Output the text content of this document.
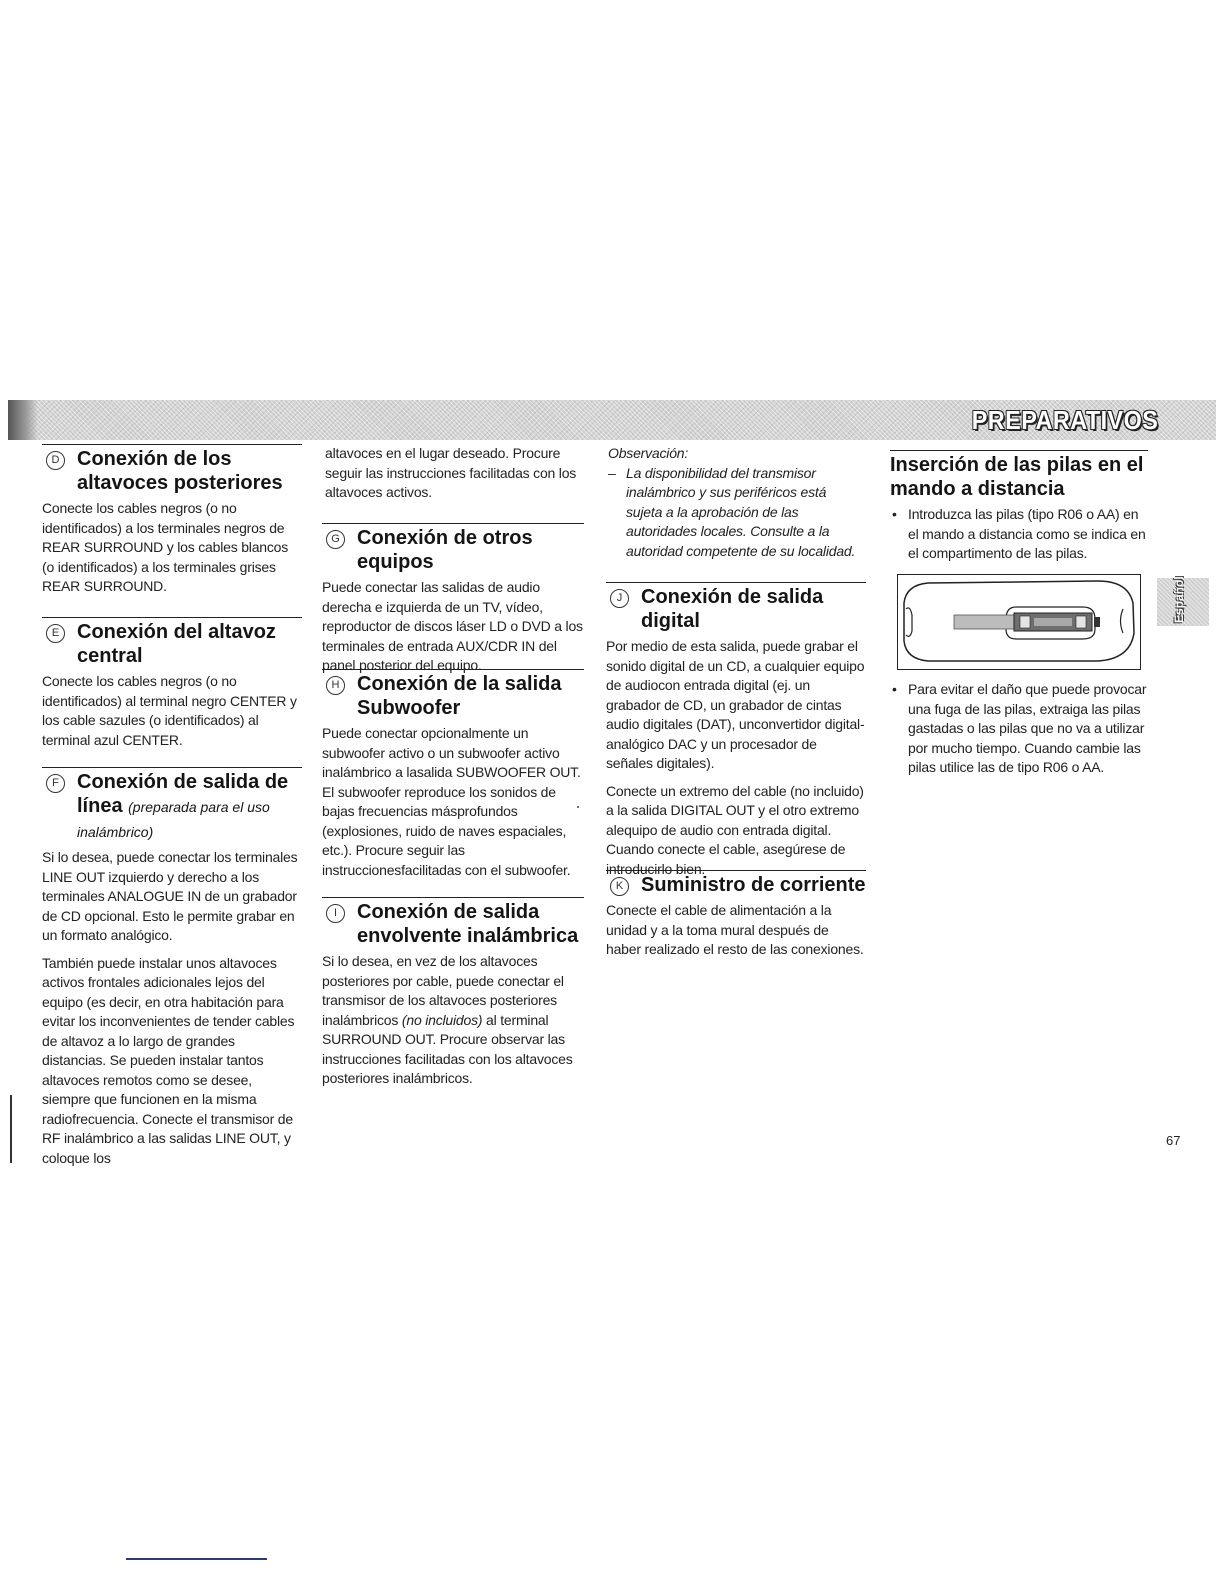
PREPARATIVOS
D Conexión de los altavoces posteriores

Conecte los cables negros (o no identificados) a los terminales negros de REAR SURROUND y los cables blancos (o identificados) a los terminales grises REAR SURROUND.

E Conexión del altavoz central

Conecte los cables negros (o no identificados) al terminal negro CENTER y los cable sazules (o identificados) al terminal azul CENTER.

F Conexión de salida de línea (preparada para el uso inalámbrico)

Si lo desea, puede conectar los terminales LINE OUT izquierdo y derecho a los terminales ANALOGUE IN de un grabador de CD opcional. Esto le permite grabar en un formato analógico.

También puede instalar unos altavoces activos frontales adicionales lejos del equipo (es decir, en otra habitación para evitar los inconvenientes de tender cables de altavoz a lo largo de grandes distancias. Se pueden instalar tantos altavoces remotos como se desee, siempre que funcionen en la misma radiofrecuencia. Conecte el transmisor de RF inalámbrico a las salidas LINE OUT, y coloque los

altavoces en el lugar deseado. Procure seguir las instrucciones facilitadas con los altavoces activos.

G Conexión de otros equipos

Puede conectar las salidas de audio derecha e izquierda de un TV, vídeo, reproductor de discos láser LD o DVD a los terminales de entrada AUX/CDR IN del panel posterior del equipo.

H Conexión de la salida Subwoofer

Puede conectar opcionalmente un subwoofer activo o un subwoofer activo inalámbrico a lasalida SUBWOOFER OUT. El subwoofer reproduce los sonidos de bajas frecuencias másprofundos (explosiones, ruido de naves espaciales, etc.). Procure seguir las instruccionesfacilitadas con el subwoofer.

I Conexión de salida envolvente inalámbrica

Si lo desea, en vez de los altavoces posteriores por cable, puede conectar el transmisor de los altavoces posteriores inalámbricos (no incluidos) al terminal SURROUND OUT. Procure observar las instrucciones facilitadas con los altavoces posteriores inalámbricos.

Observación:
– La disponibilidad del transmisor inalámbrico y sus periféricos está sujeta a la aprobación de las autoridades locales. Consulte a la autoridad competente de su localidad.
J Conexión de salida digital

Por medio de esta salida, puede grabar el sonido digital de un CD, a cualquier equipo de audiocon entrada digital (ej. un grabador de CD, un grabador de cintas audio digitales (DAT), unconvertidor digital-analógico DAC y un procesador de señales digitales).

Conecte un extremo del cable (no incluido) a la salida DIGITAL OUT y el otro extremo alequipo de audio con entrada digital. Cuando conecte el cable, asegúrese de introducirlo bien.

K Suministro de corriente

Conecte el cable de alimentación a la unidad y a la toma mural después de haber realizado el resto de las conexiones.

Inserción de las pilas en el mando a distancia
• Introduzca las pilas (tipo R06 o AA) en el mando a distancia como se indica en el compartimento de las pilas.
• Para evitar el daño que puede provocar una fuga de las pilas, extraiga las pilas gastadas o las pilas que no va a utilizar por mucho tiempo. Cuando cambie las pilas utilice las de tipo R06 o AA.
Español
67
